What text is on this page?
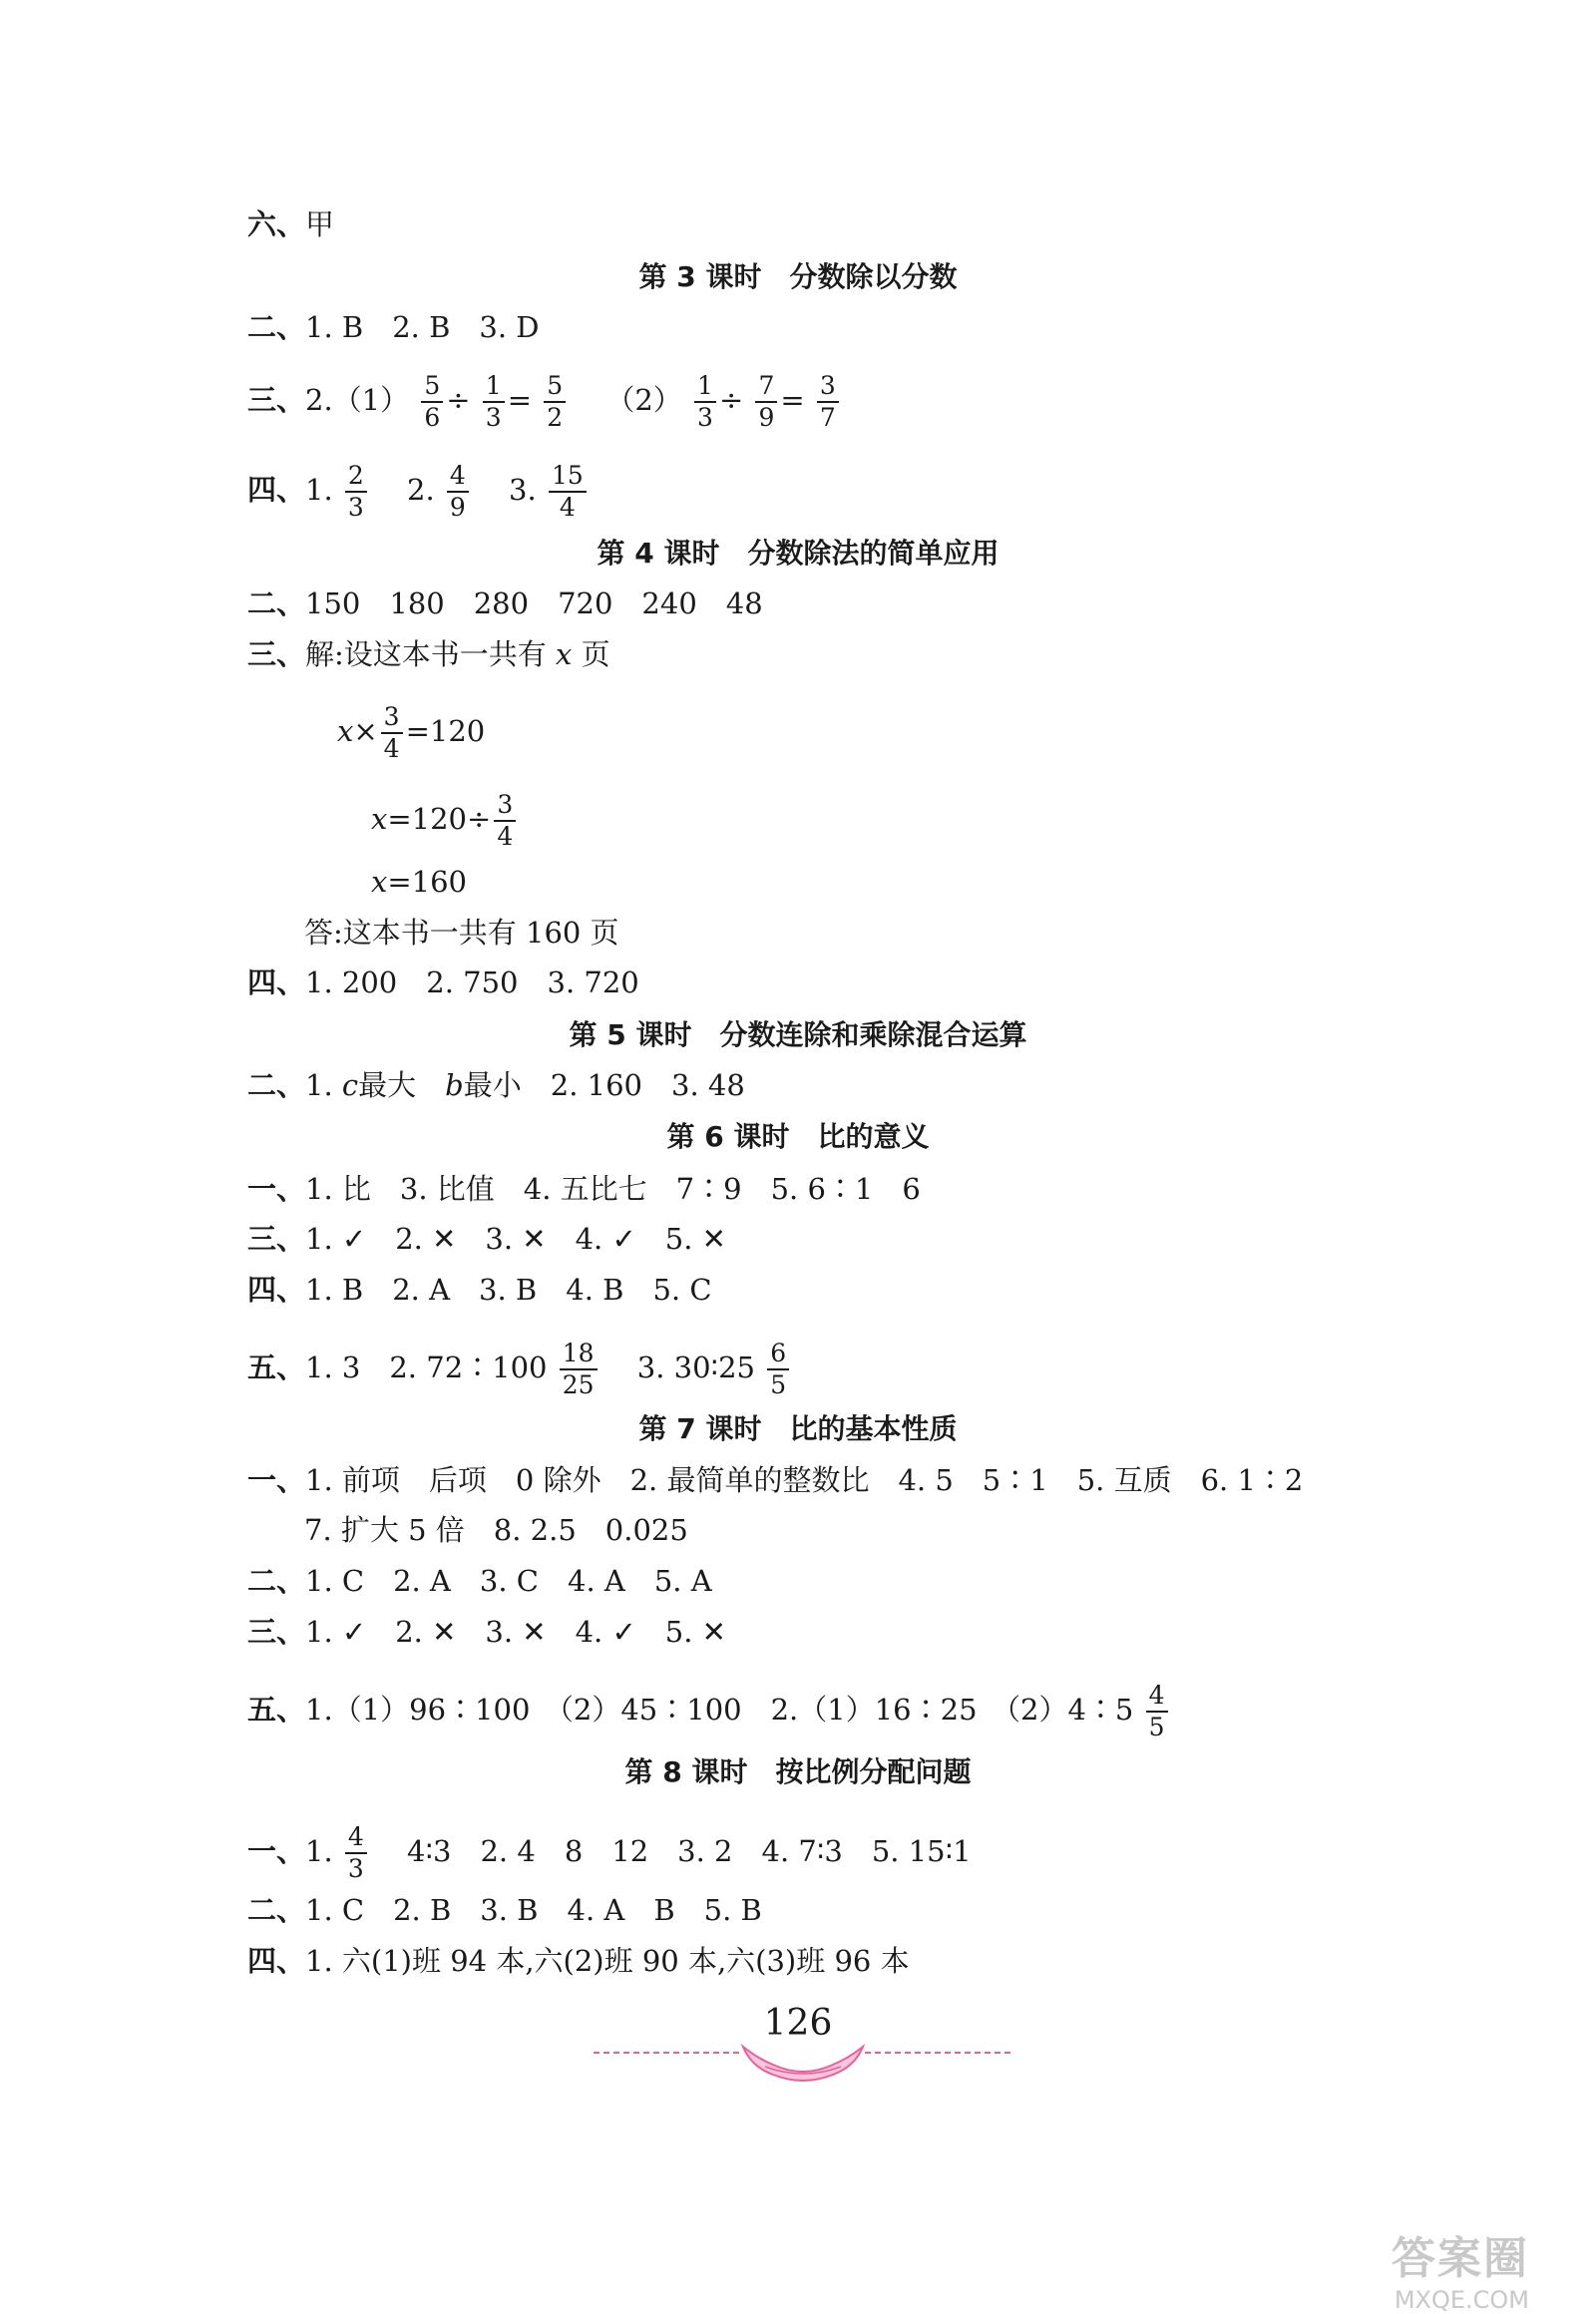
六、甲
第 3 课时　分数除以分数
二、1. B　2. B　3. D
三、$2.(1) \frac{5}{6} \div \frac{1}{3} = \frac{5}{2} (2) \frac{1}{3} \div \frac{7}{9} = \frac{3}{7}$
四、1. $\frac{2}{3} 2$. $\frac{4}{9} 3$. $\frac{15}{4}$
第 4 课时　分数除法的简单应用
二、150　180　280　720　240　48
三、解:设这本书一共有 x 页
$x\times \frac{3}{4} =120$
$x=120\div \frac{3}{4}$
x=160
答:这本书一共有 160 页
四、1. 200　2. 750　3. 720
第 5 课时　分数连除和乘除混合运算
二、1. c最大　b最小　2. 160　3. 48
第 6 课时　比的意义
一、1. 比　3. 比值　4. 五比七　7∶9　5. 6∶1　6
三、1. ✓　2. ✕　3. ✕　4. ✓　5. ✕
四、1. B　2. A　3. B　4. B　5. C
五、1. 3　2. 72∶100 $\frac{18}{25} 3$. 30∶25 $\frac{6}{5}$
第 7 课时　比的基本性质
一、1. 前项　后项　0 除外　2. 最简单的整数比　4. 5　5∶1　5. 互质　6. 1∶2
7. 扩大 5 倍　8. 2.5　0.025
二、1. C　2. A　3. C　4. A　5. A
三、1. ✓　2. ✕　3. ✕　4. ✓　5. ✕
五、1.（1）96∶100　（2）45∶100　2.（1）16∶25　（2）4∶5 $\frac{4}{5}$
第 8 课时　按比例分配问题
一、1. $\frac{4}{3}$ 4∶3　2. 4　8　12　3. 2　4. 7∶3　5. 15∶1
二、1. C　2. B　3. B　4. A　B　5. B
四、1. 六(1)班 94 本,六(2)班 90 本,六(3)班 96 本
126
答案圈
MXQE.COM
